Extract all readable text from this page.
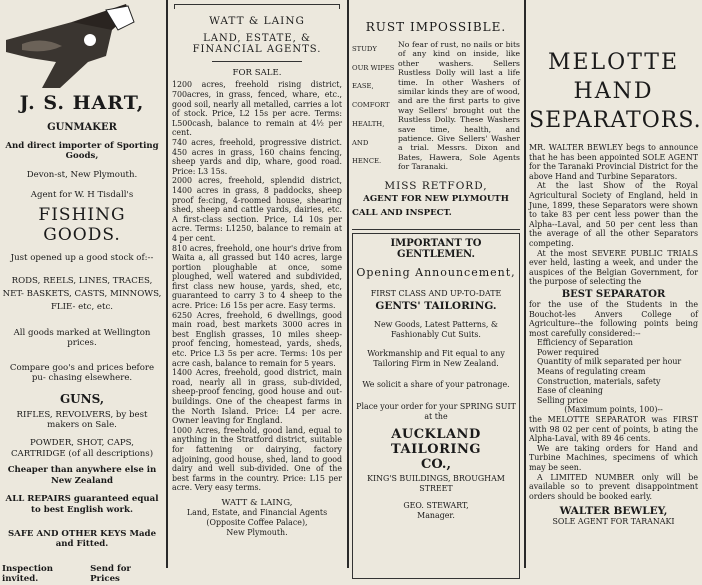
J. S. HART,
GUNMAKER
And direct importer of Sporting Goods,
Devon-st, New Plymouth.
Agent for W. H Tisdall's
FISHING GOODS.
Just opened up a good stock of:--
RODS, REELS, LINES, TRACES, NET- BASKETS, CASTS, MINNOWS, FLIE- etc, etc.
All goods marked at Wellington prices.
Compare goo's and prices before pu- chasing elsewhere.
GUNS,
RIFLES, REVOLVERS, by best makers on Sale.
POWDER, SHOT, CAPS, CARTRIDGE (of all descriptions)
Cheaper than anywhere else in New Zealand
ALL REPAIRS guaranteed equal to best English work.
SAFE AND OTHER KEYS Made and Fitted.
Inspection invited.
Send for Prices
WATT & LAING
LAND, ESTATE, & FINANCIAL AGENTS.
FOR SALE.
1200 acres, freehold rising district, 700acres, in grass, fenced, whare, etc., good soil, nearly all metalled, carries a lot of stock. Price, L2 15s per acre. Terms: L500cash, balance to remain at 4½ per cent.
740 acres, freehold, progressive district. 450 acres in grass, 160 chains fencing, sheep yards and dip, whare, good road. Price: L3 15s.
2000 acres, freehold, splendid district, 1400 acres in grass, 8 paddocks, sheep proof fe:cing, 4-roomed house, shearing shed, sheep and cattle yards, dairies, etc. A first-class section. Price, L4 10s per acre. Terms: L1250, balance to remain at 4 per cent.
810 acres, freehold, one hour's drive from Waita a, all grassed but 140 acres, large portion ploughable at once, some ploughed, well watered and subdivided, first class new house, yards, shed, etc, guaranteed to carry 3 to 4 sheep to the acre. Price: L6 15s per acre. Easy terms.
6250 Acres, freehold, 6 dwellings, good main road, best markets 3000 acres in best English grasses, 10 miles sheep-proof fencing, homestead, yards, sheds, etc. Price L3 5s per acre. Terms: 10s per acre cash, balance to remain for 5 years.
1400 Acres, freehold, good district, main road, nearly all in grass, sub-divided, sheep-proof fencing, good house and out-buildings. One of the cheapest farms in the North Island. Price: L4 per acre. Owner leaving for England.
1000 Acres, freehold, good land, equal to anything in the Stratford district, suitable for fattening or dairying, factory adjoining, good house, shed, land to good dairy and well sub-divided. One of the best farms in the country. Price: L15 per acre. Very easy terms.
WATT & LAING,
Land, Estate, and Financial Agents
(Opposite Coffee Palace),
New Plymouth.
RUST IMPOSSIBLE.
STUDY
OUR WIPES
EASE,
COMFORT
HEALTH,
AND
HENCE.
No fear of rust, no nails or bits of any kind on inside, like other washers. Sellers Rustless Dolly will last a life time. In other Washers of similar kinds they are of wood, and are the first parts to give way Sellers' brought out the Rustless Dolly. These Washers save time, health, and patience. Give Sellers' Washer a trial. Messrs. Dixon and Bates, Hawera, Sole Agents for Taranaki.
MISS RETFORD,
AGENT FOR NEW PLYMOUTH
CALL AND INSPECT.
IMPORTANT TO GENTLEMEN.
Opening Announcement,
FIRST CLASS AND UP-TO-DATE
GENTS' TAILORING.
New Goods, Latest Patterns, & Fashionably Cut Suits.
Workmanship and Fit equal to any Tailoring Firm in New Zealand.
We solicit a share of your patronage.
Place your order for your SPRING SUIT at the
AUCKLAND TAILORING
CO.,
KING'S BUILDINGS, BROUGHAM STREET
GEO. STEWART,
Manager.
MELOTTE
HAND
SEPARATORS.
MR. WALTER BEWLEY begs to announce that he has been appointed SOLE AGENT for the Taranaki Provincial District for the above Hand and Turbine Separators.
At the last Show of the Royal Agricultural Society of England, held in June, 1899, these Separators were shown to take 83 per cent less power than the Alpha--Laval, and 50 per cent less than the average of all the other Separators competing.
At the most SEVERE PUBLIC TRIALS ever held, lasting a week, and under the auspices of the Belgian Government, for the purpose of selecting the
BEST SEPARATOR
for the use of the Students in the Bouchot-les Anvers College of Agriculture--the following points being most carefully considered:--
Efficiency of Separation
Power required
Quantity of milk separated per hour
Means of regulating cream
Construction, materials, safety
Ease of cleaning
Selling price
(Maximum points, 100)--
the MELOTTE SEPARATOR was FIRST with 98 02 per cent of points, b ating the Alpha-Laval, with 89 46 cents.
We are taking orders for Hand and Turbine Machines, specimens of which may be seen.
A LIMITED NUMBER only will be available so to prevent disappointment orders should be booked early.
WALTER BEWLEY,
SOLE AGENT FOR TARANAKI
